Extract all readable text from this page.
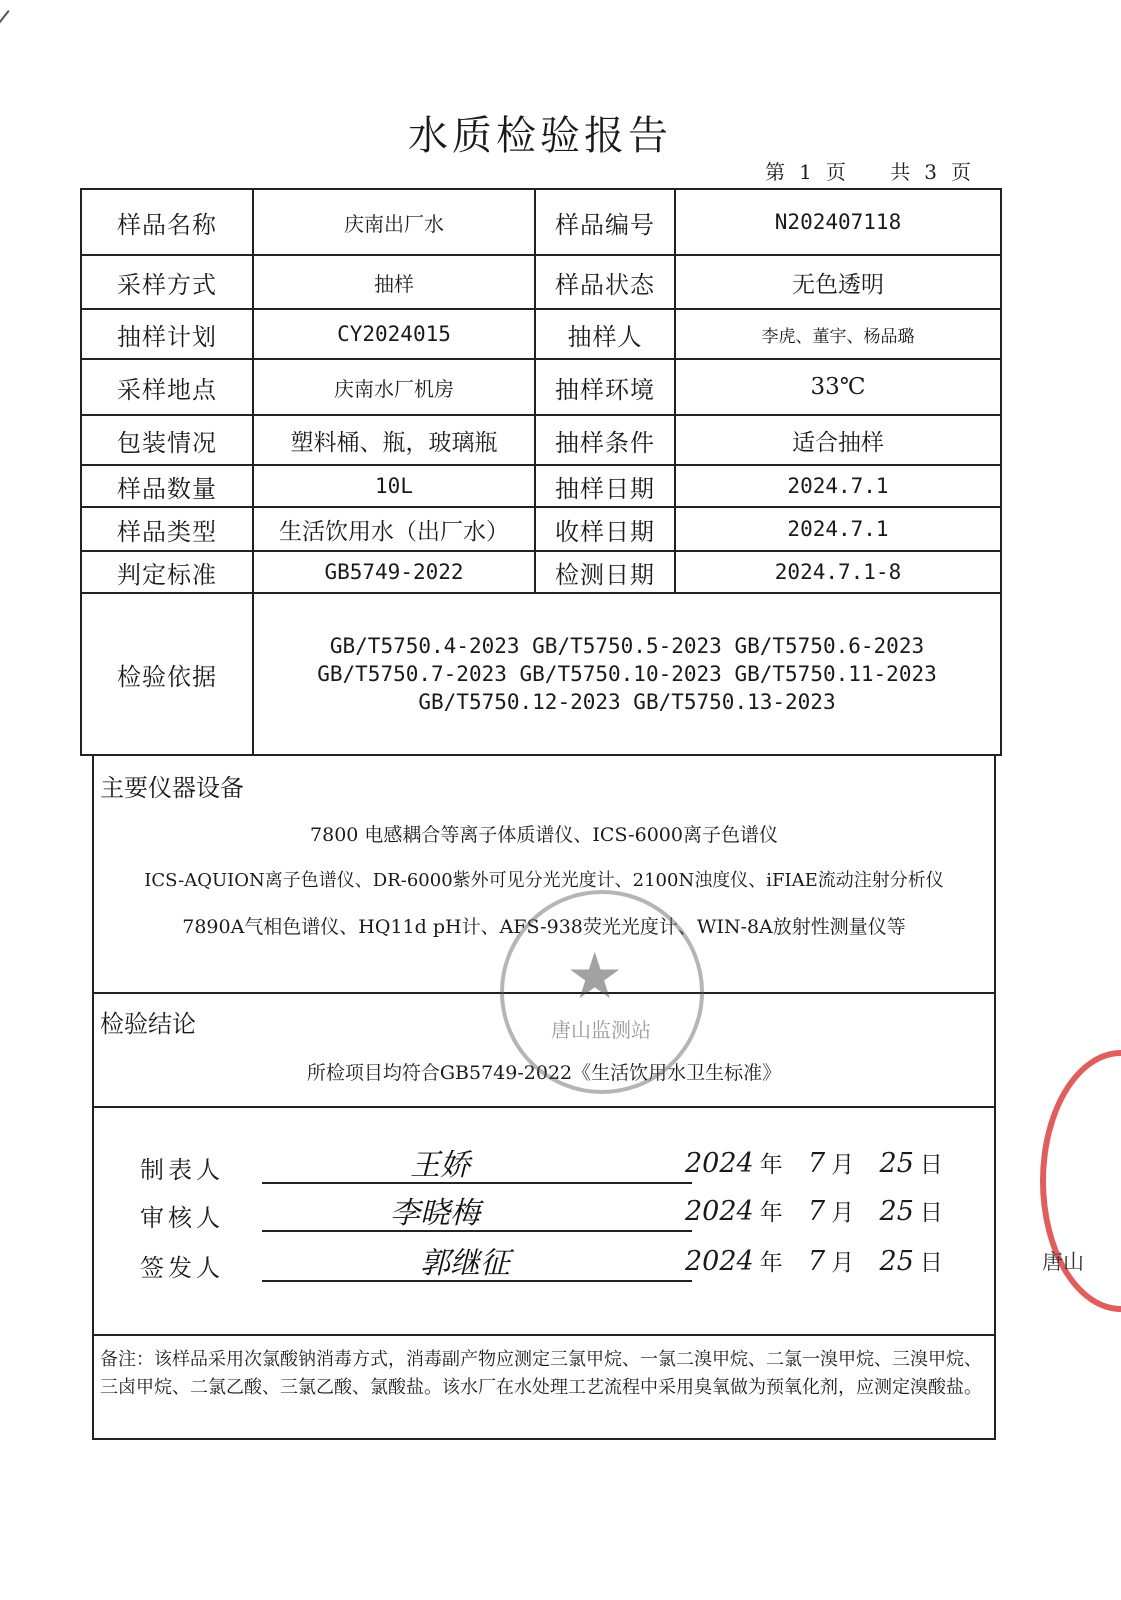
水质检验报告
第 1 页 共 3 页
样品名称	庆南出厂水	样品编号	N202407118
采样方式	抽样	样品状态	无色透明
抽样计划	CY2024015	抽样人	李虎、董宇、杨品璐
采样地点	庆南水厂机房	抽样环境	33℃
包装情况	塑料桶、瓶，玻璃瓶	抽样条件	适合抽样
样品数量	10L	抽样日期	2024.7.1
样品类型	生活饮用水（出厂水）	收样日期	2024.7.1
判定标准	GB5749-2022	检测日期	2024.7.1-8
检验依据	GB/T5750.4-2023 GB/T5750.5-2023 GB/T5750.6-2023
GB/T5750.7-2023 GB/T5750.10-2023 GB/T5750.11-2023
GB/T5750.12-2023 GB/T5750.13-2023		
主要仪器设备
7800 电感耦合等离子体质谱仪、ICS-6000离子色谱仪
ICS-AQUION离子色谱仪、DR-6000紫外可见分光光度计、2100N浊度仪、iFIAE流动注射分析仪
7890A气相色谱仪、HQ11d pH计、AFS-938荧光光度计、WIN-8A放射性测量仪等
检验结论
所检项目均符合GB5749-2022《生活饮用水卫生标准》
制表人	王娇	2024 年 7 月 25 日
审核人	李晓梅	2024 年 7 月 25 日
签发人	郭继征	2024 年 7 月 25 日
备注：该样品采用次氯酸钠消毒方式，消毒副产物应测定三氯甲烷、一氯二溴甲烷、二氯一溴甲烷、三溴甲烷、三卤甲烷、二氯乙酸、三氯乙酸、氯酸盐。该水厂在水处理工艺流程中采用臭氧做为预氧化剂，应测定溴酸盐。
★
唐山监测站
唐山
